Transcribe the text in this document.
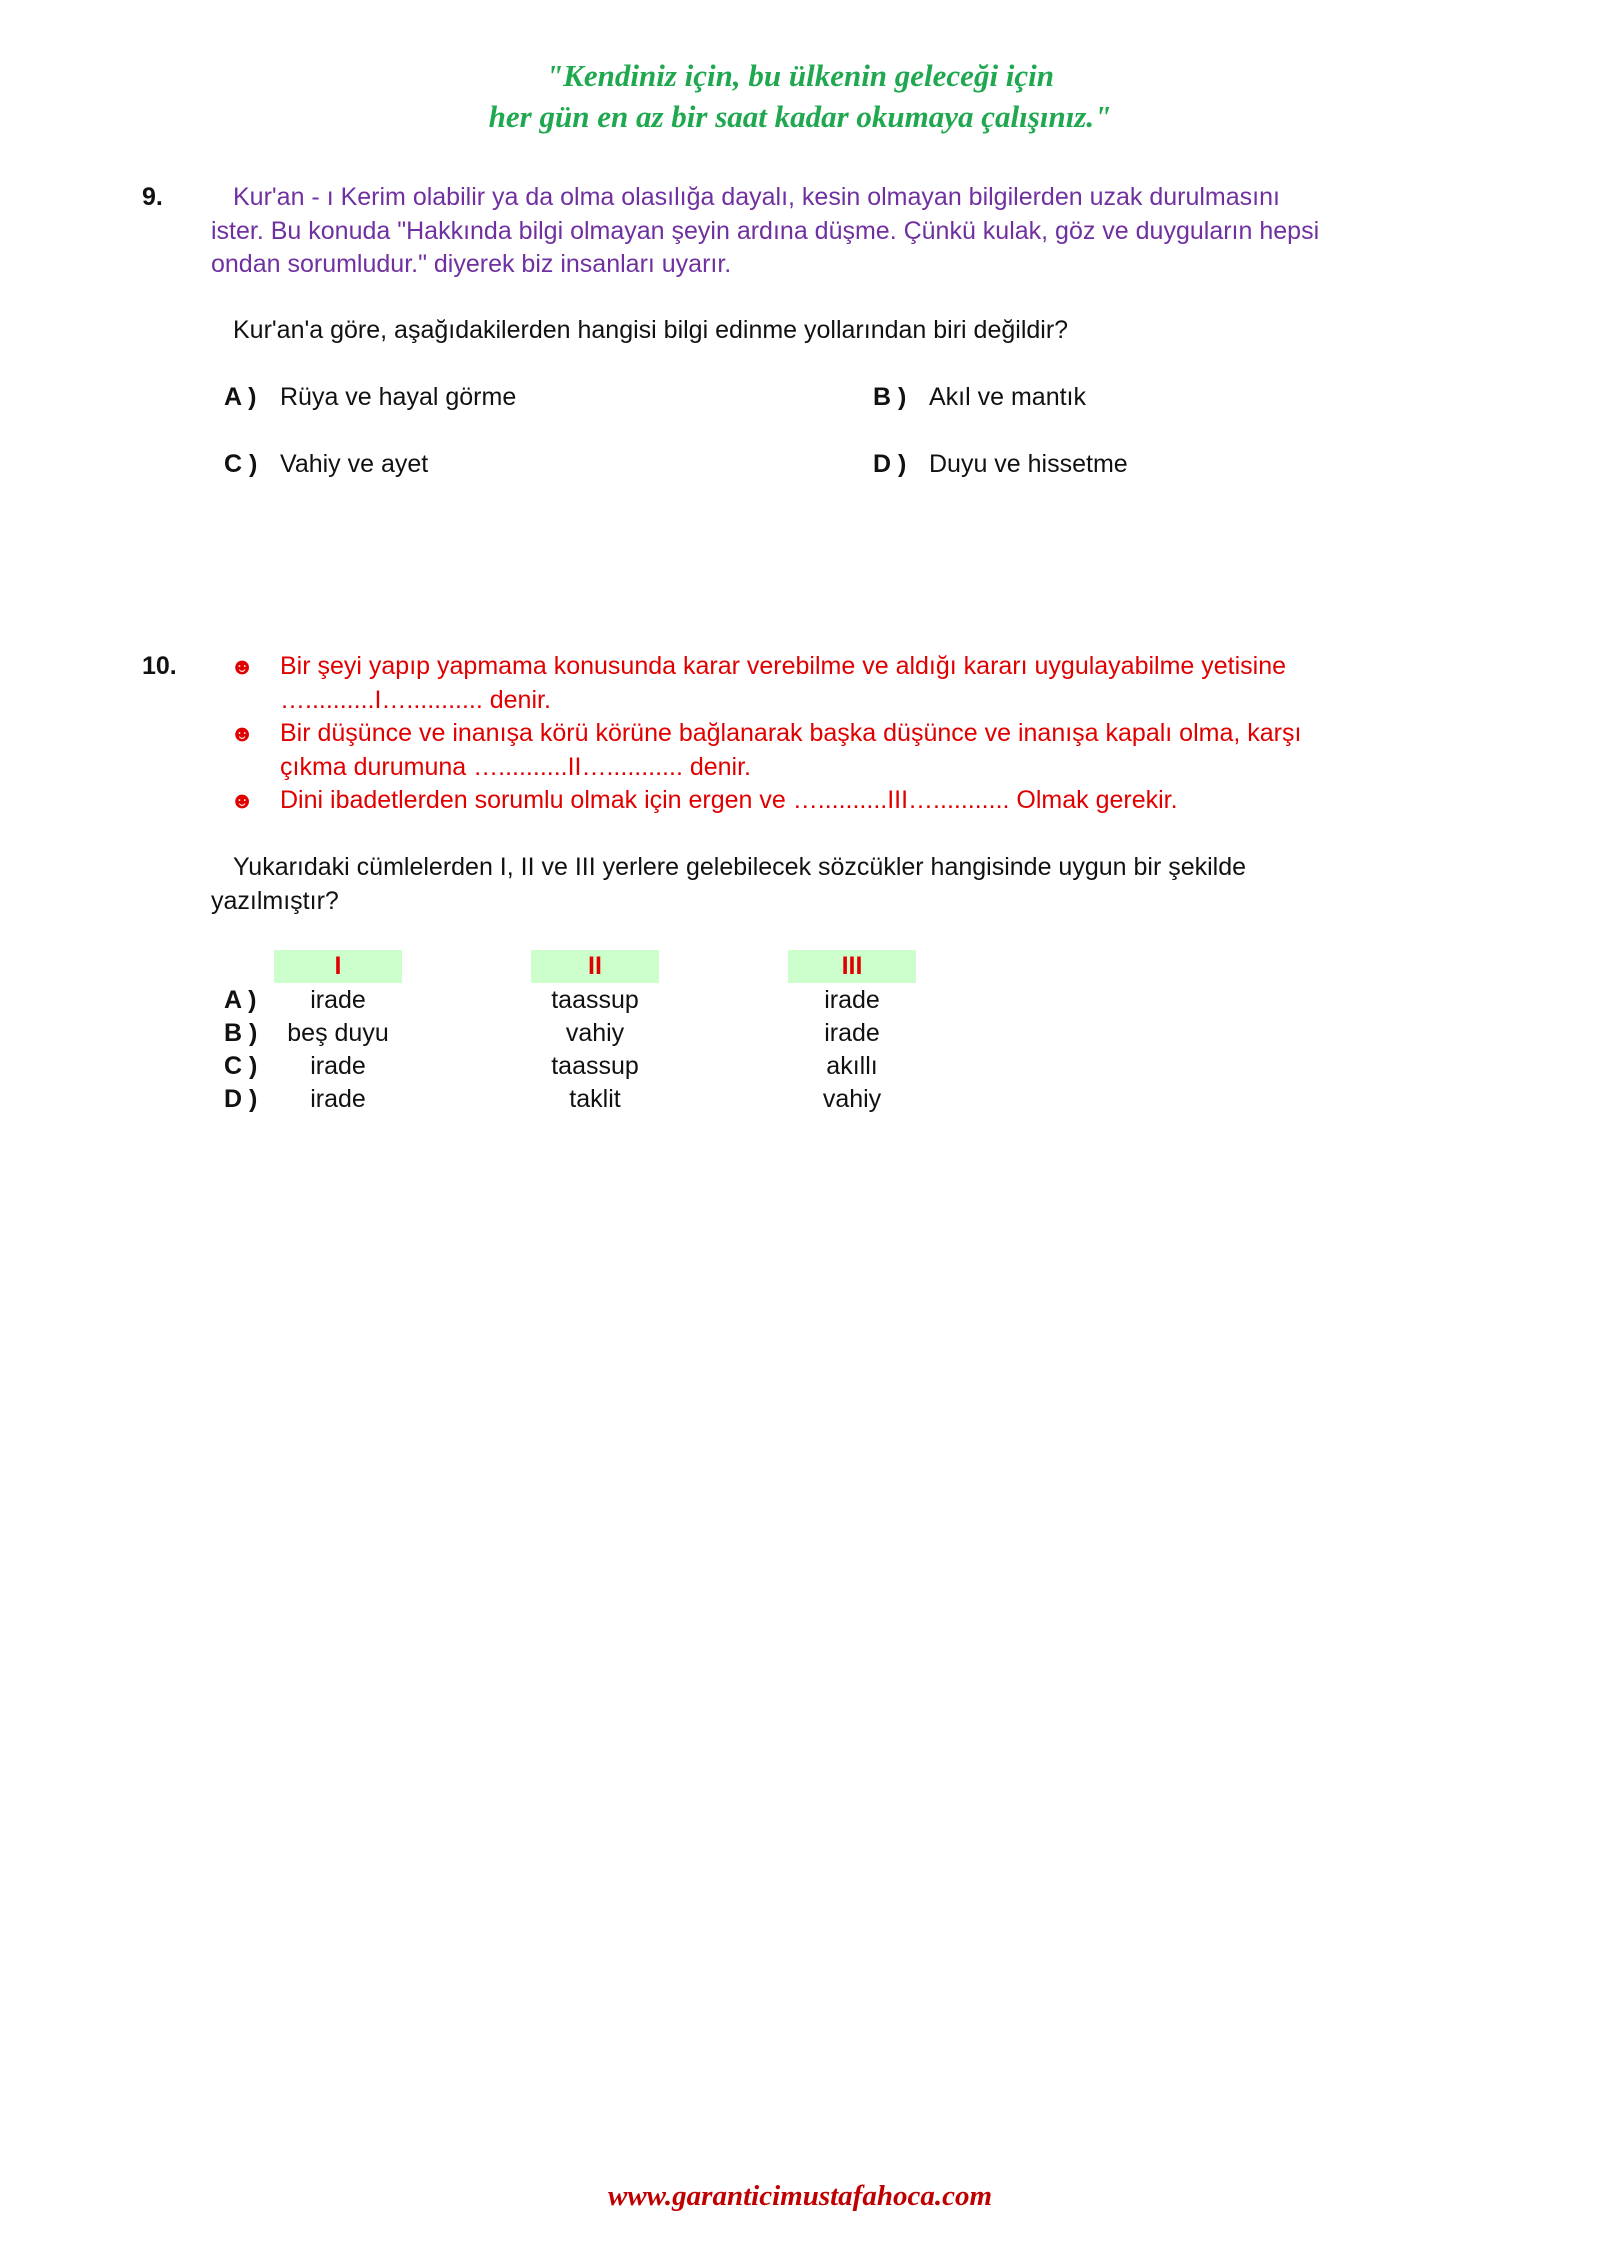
"Kendiniz için, bu ülkenin geleceği için
her gün en az bir saat kadar okumaya çalışınız."
9.	Kur'an - ı Kerim olabilir ya da olma olasılığa dayalı, kesin olmayan bilgilerden uzak durulmasını
ister. Bu konuda "Hakkında bilgi olmayan şeyin ardına düşme. Çünkü kulak, göz ve duyguların hepsi
ondan sorumludur." diyerek biz insanları uyarır.
Kur'an'a göre, aşağıdakilerden hangisi bilgi edinme yollarından biri değildir?
A ) Rüya ve hayal görme	B ) Akıl ve mantık
C ) Vahiy ve ayet	D ) Duyu ve hissetme
10. ☻ Bir şeyi yapıp yapmama konusunda karar verebilme ve aldığı kararı uygulayabilme yetisine
…..........I…........... denir.
☻ Bir düşünce ve inanışa körü körüne bağlanarak başka düşünce ve inanışa kapalı olma, karşı
çıkma durumuna …..........II…........... denir.
☻ Dini ibadetlerden sorumlu olmak için ergen ve …..........III…........... Olmak gerekir.
Yukarıdaki cümlelerden I, II ve III yerlere gelebilecek sözcükler hangisinde uygun bir şekilde
yazılmıştır?
I	II	III
A )	irade	taassup	irade
B )	beş duyu	vahiy	irade
C )	irade	taassup	akıllı
D )	irade	taklit	vahiy
www.garanticimustafahoca.com
